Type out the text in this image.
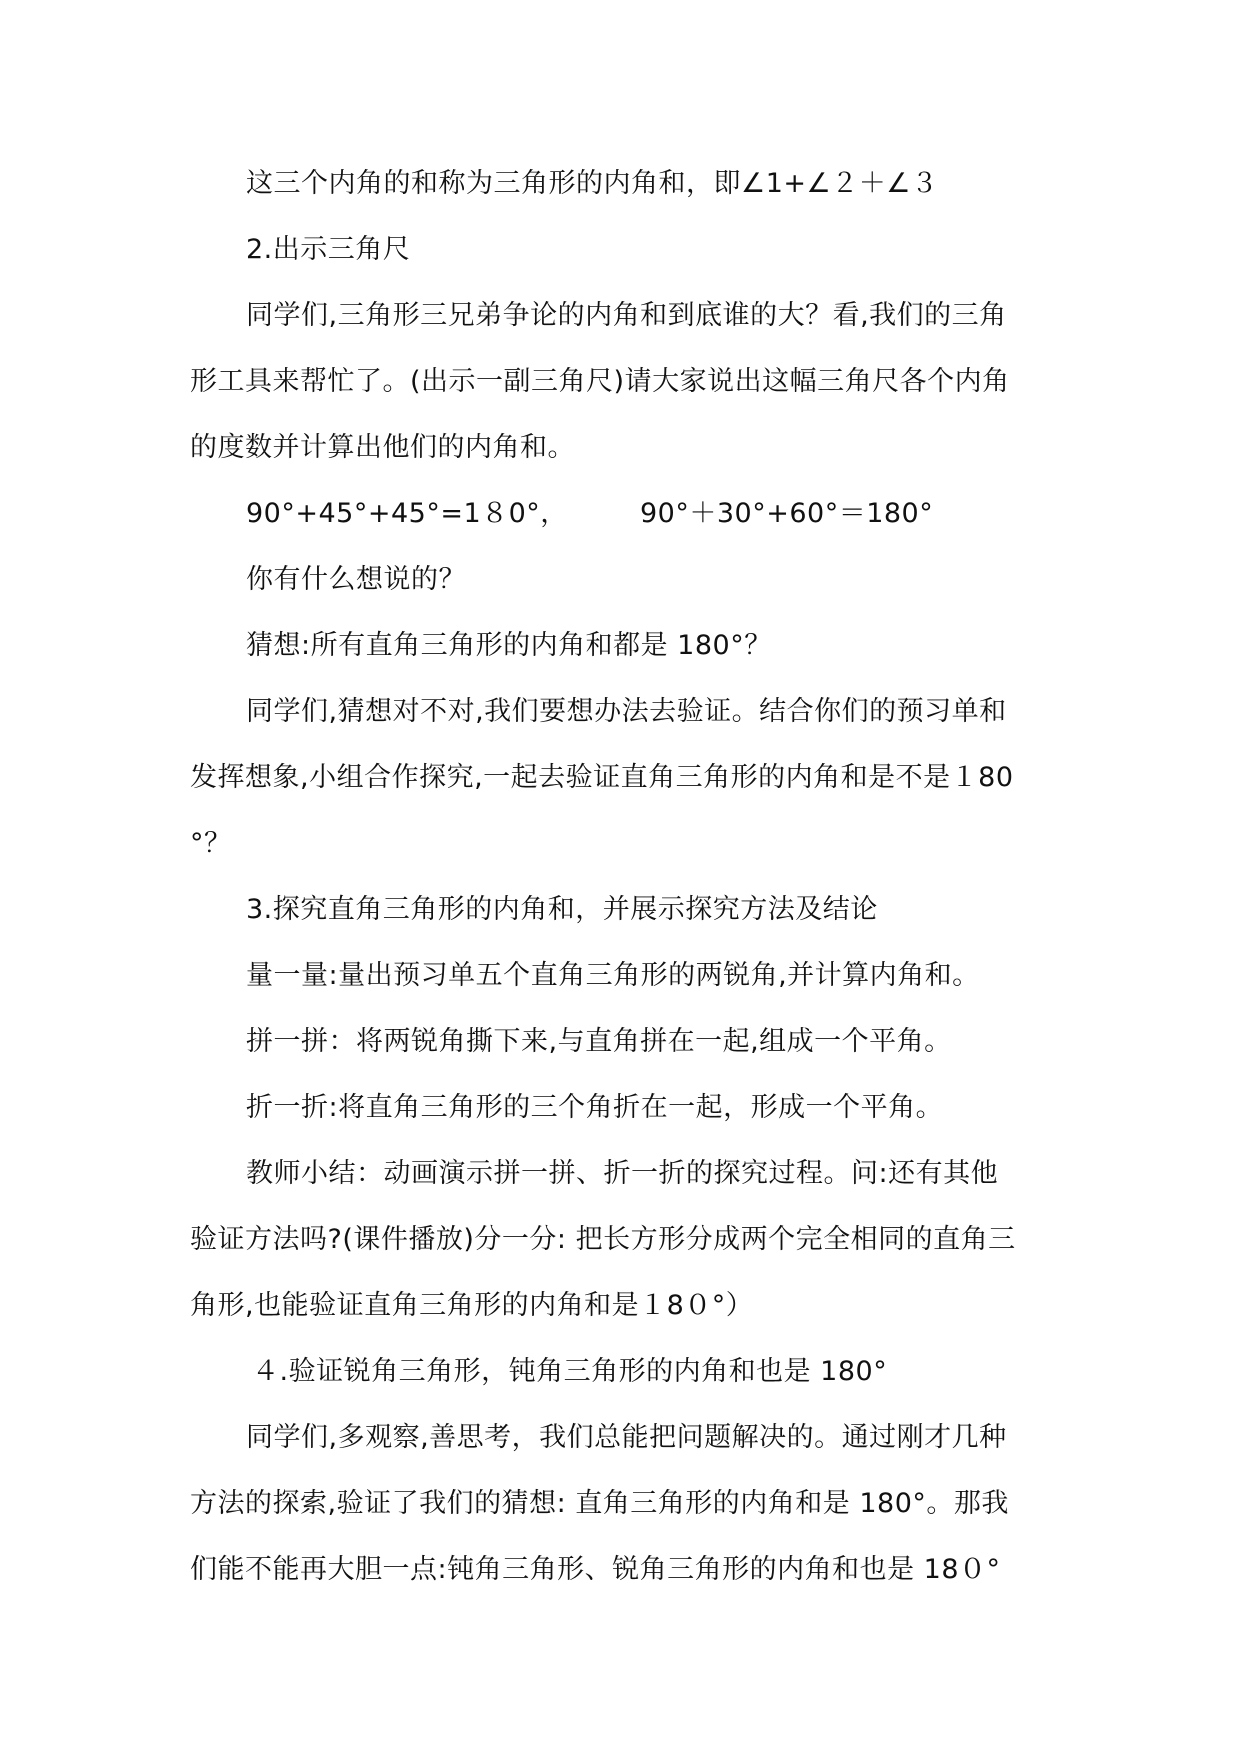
这三个内角的和称为三角形的内角和，即∠1+∠２＋∠３
2.出示三角尺
同学们,三角形三兄弟争论的内角和到底谁的大？看,我们的三角
形工具来帮忙了。(出示一副三角尺)请大家说出这幅三角尺各个内角
的度数并计算出他们的内角和。
90°+45°+45°=1８0°，	90°＋30°+60°＝180°
你有什么想说的？
猜想:所有直角三角形的内角和都是 180°？
同学们,猜想对不对,我们要想办法去验证。结合你们的预习单和
发挥想象,小组合作探究,一起去验证直角三角形的内角和是不是１80
°？
3.探究直角三角形的内角和，并展示探究方法及结论
量一量:量出预习单五个直角三角形的两锐角,并计算内角和。
拼一拼：将两锐角撕下来,与直角拼在一起,组成一个平角。
折一折:将直角三角形的三个角折在一起，形成一个平角。
教师小结：动画演示拼一拼、折一折的探究过程。问:还有其他
验证方法吗?(课件播放)分一分: 把长方形分成两个完全相同的直角三
角形,也能验证直角三角形的内角和是１8０°）
４.验证锐角三角形，钝角三角形的内角和也是 180°
同学们,多观察,善思考，我们总能把问题解决的。通过刚才几种
方法的探索,验证了我们的猜想: 直角三角形的内角和是 180°。那我
们能不能再大胆一点:钝角三角形、锐角三角形的内角和也是 18０°
